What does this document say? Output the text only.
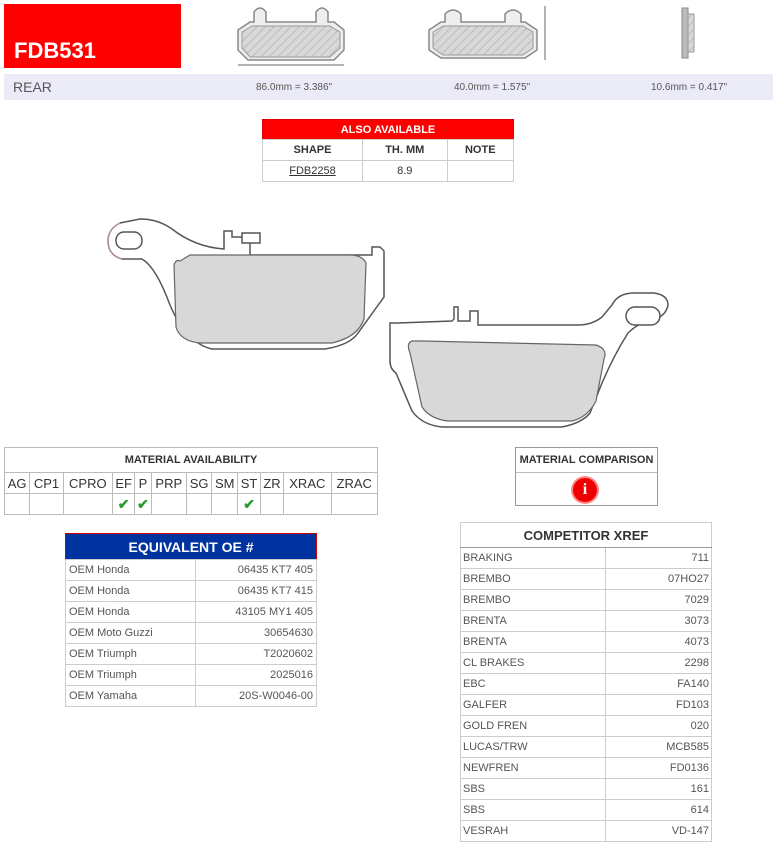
FDB531
REAR	86.0mm = 3.386"	40.0mm = 1.575"	10.6mm = 0.417"
ALSO AVAILABLE		
SHAPE	TH. MM	NOTE
FDB2258	8.9	
MATERIAL AVAILABILITY											
AG	CP1	CPRO	EF	P	PRP	SG	SM	ST	ZR	XRAC	ZRAC
			✔	✔				✔			
MATERIAL COMPARISON
i
EQUIVALENT OE #	
OEM Honda	06435 KT7 405
OEM Honda	06435 KT7 415
OEM Honda	43105 MY1 405
OEM Moto Guzzi	30654630
OEM Triumph	T2020602
OEM Triumph	2025016
OEM Yamaha	20S-W0046-00
COMPETITOR XREF	
BRAKING	711
BREMBO	07HO27
BREMBO	7029
BRENTA	3073
BRENTA	4073
CL BRAKES	2298
EBC	FA140
GALFER	FD103
GOLD FREN	020
LUCAS/TRW	MCB585
NEWFREN	FD0136
SBS	161
SBS	614
VESRAH	VD-147
